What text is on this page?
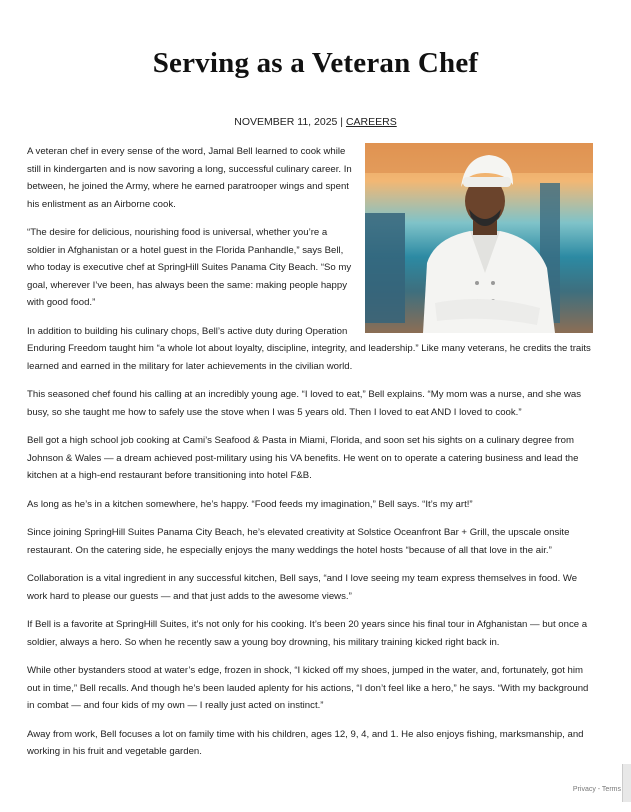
Serving as a Veteran Chef
NOVEMBER 11, 2025 | CAREERS

A veteran chef in every sense of the word, Jamal Bell learned to cook while still in kindergarten and is now savoring a long, successful culinary career. In between, he joined the Army, where he earned paratrooper wings and spent his enlistment as an Airborne cook.

“The desire for delicious, nourishing food is universal, whether you’re a soldier in Afghanistan or a hotel guest in the Florida Panhandle,” says Bell, who today is executive chef at SpringHill Suites Panama City Beach. “So my goal, wherever I’ve been, has always been the same: making people happy with good food.”

In addition to building his culinary chops, Bell’s active duty during Operation Enduring Freedom taught him “a whole lot about loyalty, discipline, integrity, and leadership.” Like many veterans, he credits the traits learned and earned in the military for later achievements in the civilian world.

This seasoned chef found his calling at an incredibly young age. “I loved to eat,” Bell explains. “My mom was a nurse, and she was busy, so she taught me how to safely use the stove when I was 5 years old. Then I loved to eat AND I loved to cook.”

Bell got a high school job cooking at Cami’s Seafood & Pasta in Miami, Florida, and soon set his sights on a culinary degree from Johnson & Wales — a dream achieved post-military using his VA benefits. He went on to operate a catering business and lead the kitchen at a high-end restaurant before transitioning into hotel F&B.

As long as he’s in a kitchen somewhere, he’s happy. “Food feeds my imagination,” Bell says. “It’s my art!”

Since joining SpringHill Suites Panama City Beach, he’s elevated creativity at Solstice Oceanfront Bar + Grill, the upscale onsite restaurant. On the catering side, he especially enjoys the many weddings the hotel hosts “because of all that love in the air.”

Collaboration is a vital ingredient in any successful kitchen, Bell says, “and I love seeing my team express themselves in food. We work hard to please our guests — and that just adds to the awesome views.”

If Bell is a favorite at SpringHill Suites, it’s not only for his cooking. It’s been 20 years since his final tour in Afghanistan — but once a soldier, always a hero. So when he recently saw a young boy drowning, his military training kicked right back in.

While other bystanders stood at water’s edge, frozen in shock, “I kicked off my shoes, jumped in the water, and, fortunately, got him out in time,” Bell recalls. And though he’s been lauded aplenty for his actions, “I don’t feel like a hero,” he says. “With my background in combat — and four kids of my own — I really just acted on instinct.”

Away from work, Bell focuses a lot on family time with his children, ages 12, 9, 4, and 1. He also enjoys fishing, marksmanship, and working in his fruit and vegetable garden.

Privacy - Terms
